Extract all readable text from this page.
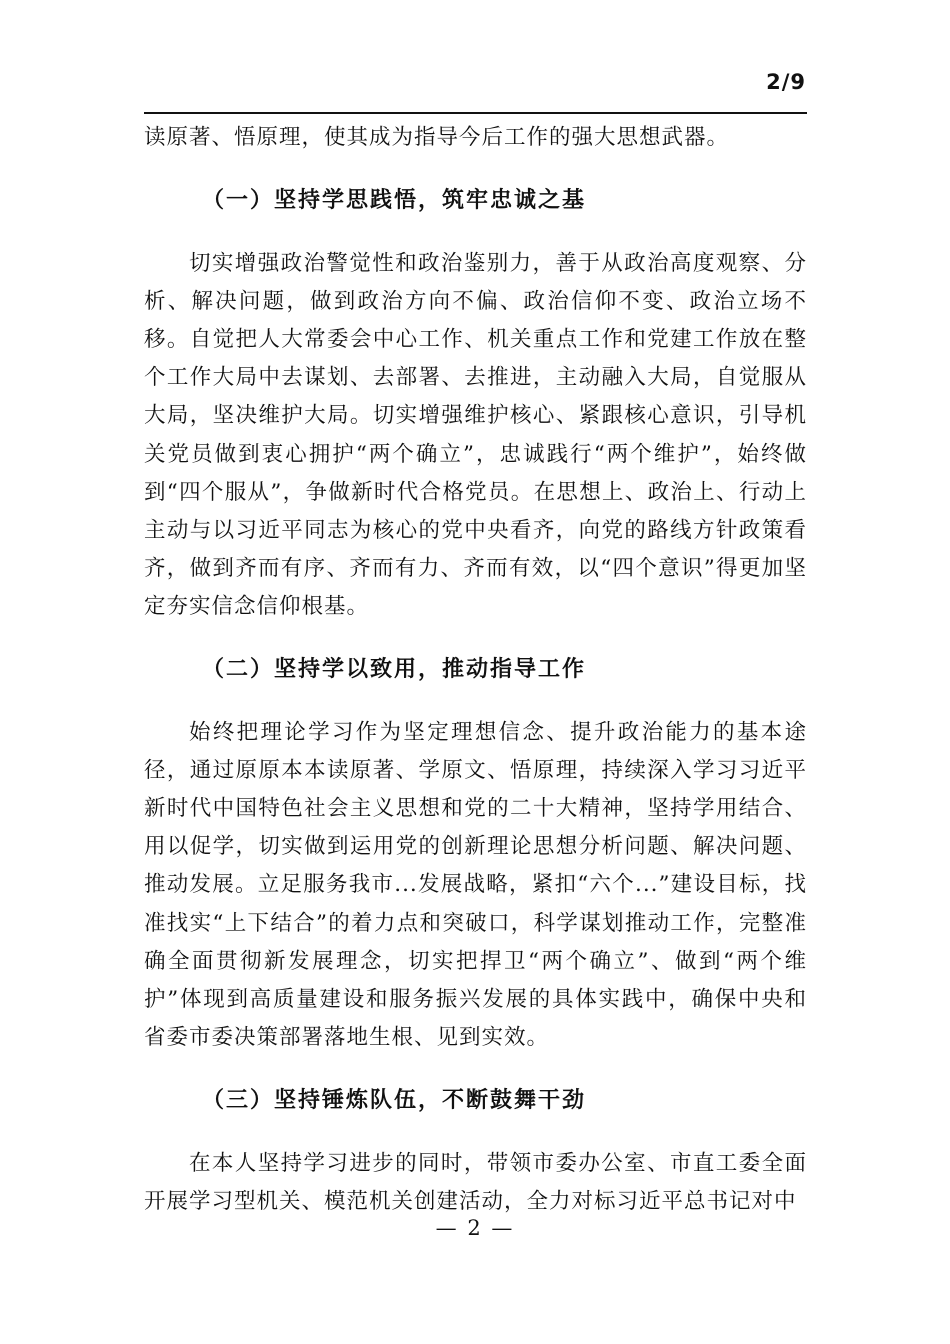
2/9

读原著、悟原理，使其成为指导今后工作的强大思想武器。

（一）坚持学思践悟，筑牢忠诚之基

切实增强政治警觉性和政治鉴别力，善于从政治高度观察、分析、解决问题，做到政治方向不偏、政治信仰不变、政治立场不移。自觉把人大常委会中心工作、机关重点工作和党建工作放在整个工作大局中去谋划、去部署、去推进，主动融入大局，自觉服从大局，坚决维护大局。切实增强维护核心、紧跟核心意识，引导机关党员做到衷心拥护“两个确立”，忠诚践行“两个维护”，始终做到“四个服从”，争做新时代合格党员。在思想上、政治上、行动上主动与以习近平同志为核心的党中央看齐，向党的路线方针政策看齐，做到齐而有序、齐而有力、齐而有效，以“四个意识”得更加坚定夯实信念信仰根基。

（二）坚持学以致用，推动指导工作

始终把理论学习作为坚定理想信念、提升政治能力的基本途径，通过原原本本读原著、学原文、悟原理，持续深入学习习近平新时代中国特色社会主义思想和党的二十大精神，坚持学用结合、用以促学，切实做到运用党的创新理论思想分析问题、解决问题、推动发展。立足服务我市...发展战略，紧扣“六个...”建设目标，找准找实“上下结合”的着力点和突破口，科学谋划推动工作，完整准确全面贯彻新发展理念，切实把捍卫“两个确立”、做到“两个维护”体现到高质量建设和服务振兴发展的具体实践中，确保中央和省委市委决策部署落地生根、见到实效。

（三）坚持锤炼队伍，不断鼓舞干劲

在本人坚持学习进步的同时，带领市委办公室、市直工委全面开展学习型机关、模范机关创建活动，全力对标习近平总书记对中

— 2 —
